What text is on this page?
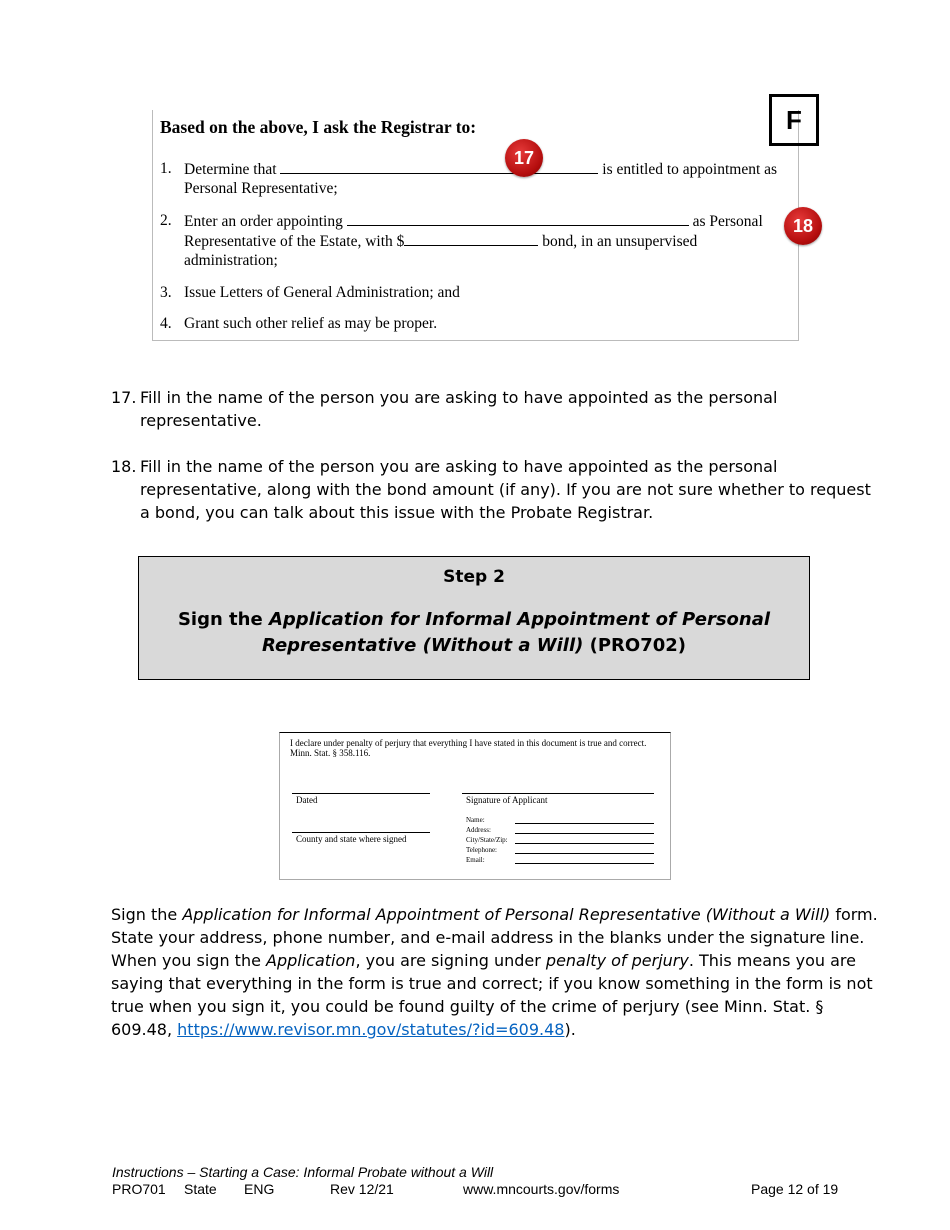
Based on the above, I ask the Registrar to:	F
1. Determine that	is entitled to appointment as
Personal Representative;
17
2. Enter an order appointing	as Personal
Representative of the Estate, with $	bond, in an unsupervised
administration;
18
3. Issue Letters of General Administration; and
4. Grant such other relief as may be proper.
17. Fill in the name of the person you are asking to have appointed as the personal
representative.
18. Fill in the name of the person you are asking to have appointed as the personal
representative, along with the bond amount (if any). If you are not sure whether to request
a bond, you can talk about this issue with the Probate Registrar.
Step 2
Sign the Application for Informal Appointment of Personal
Representative (Without a Will) (PRO702)
I declare under penalty of perjury that everything I have stated in this document is true and correct.
Minn. Stat. § 358.116.
Dated	Signature of Applicant
County and state where signed
Name:
Address:
City/State/Zip:
Telephone:
Email:
Sign the Application for Informal Appointment of Personal Representative (Without a Will) form.
State your address, phone number, and e-mail address in the blanks under the signature line.
When you sign the Application, you are signing under penalty of perjury. This means you are
saying that everything in the form is true and correct; if you know something in the form is not
true when you sign it, you could be found guilty of the crime of perjury (see Minn. Stat. §
609.48, https://www.revisor.mn.gov/statutes/?id=609.48).
Instructions – Starting a Case: Informal Probate without a Will
PRO701 State ENG	Rev 12/21	www.mncourts.gov/forms	Page 12 of 19
